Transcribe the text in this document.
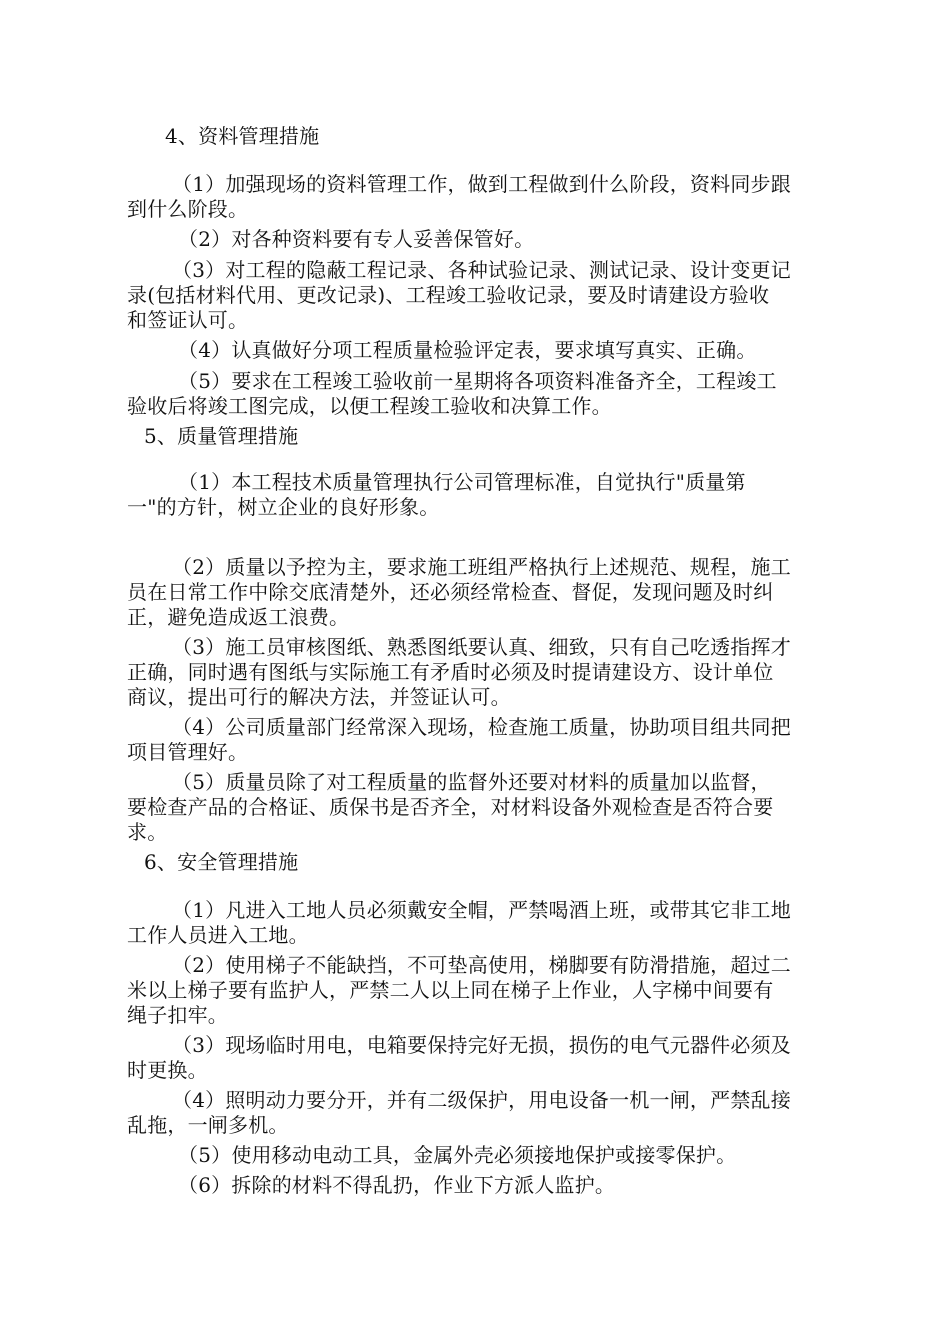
4、资料管理措施
（1）加强现场的资料管理工作，做到工程做到什么阶段，资料同步跟
到什么阶段。
（2）对各种资料要有专人妥善保管好。
（3）对工程的隐蔽工程记录、各种试验记录、测试记录、设计变更记
录(包括材料代用、更改记录)、工程竣工验收记录，要及时请建设方验收
和签证认可。
（4）认真做好分项工程质量检验评定表，要求填写真实、正确。
（5）要求在工程竣工验收前一星期将各项资料准备齐全，工程竣工
验收后将竣工图完成，以便工程竣工验收和决算工作。
5、质量管理措施
（1）本工程技术质量管理执行公司管理标准，自觉执行"质量第
一"的方针，树立企业的良好形象。
（2）质量以予控为主，要求施工班组严格执行上述规范、规程，施工
员在日常工作中除交底清楚外，还必须经常检查、督促，发现问题及时纠
正，避免造成返工浪费。
（3）施工员审核图纸、熟悉图纸要认真、细致，只有自己吃透指挥才
正确，同时遇有图纸与实际施工有矛盾时必须及时提请建设方、设计单位
商议，提出可行的解决方法，并签证认可。
（4）公司质量部门经常深入现场，检查施工质量，协助项目组共同把
项目管理好。
（5）质量员除了对工程质量的监督外还要对材料的质量加以监督，
要检查产品的合格证、质保书是否齐全，对材料设备外观检查是否符合要
求。
6、安全管理措施
（1）凡进入工地人员必须戴安全帽，严禁喝酒上班，或带其它非工地
工作人员进入工地。
（2）使用梯子不能缺挡，不可垫高使用，梯脚要有防滑措施，超过二
米以上梯子要有监护人，严禁二人以上同在梯子上作业，人字梯中间要有
绳子扣牢。
（3）现场临时用电，电箱要保持完好无损，损伤的电气元器件必须及
时更换。
（4）照明动力要分开，并有二级保护，用电设备一机一闸，严禁乱接
乱拖，一闸多机。
（5）使用移动电动工具，金属外壳必须接地保护或接零保护。
（6）拆除的材料不得乱扔，作业下方派人监护。
